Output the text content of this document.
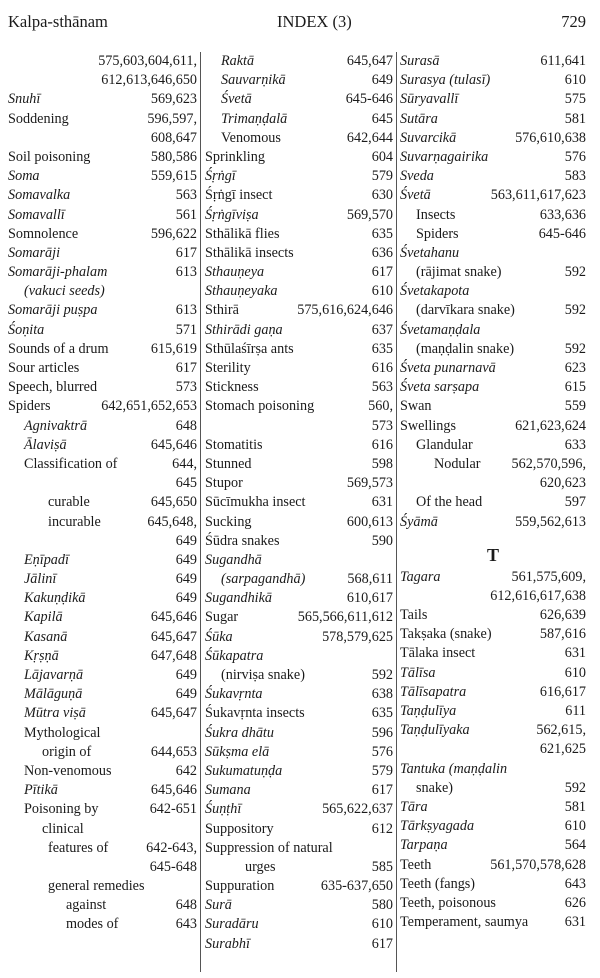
Kalpa-sthānam	INDEX (3)	729
575,603,604,611,
612,613,646,650
Snuhī	569,623
Soddening	596,597,
608,647
Soil poisoning	580,586
Soma	559,615
Somavalka	563
Somavallī	561
Somnolence	596,622
Somarāji	617
Somarāji-phalam	613
(vakuci seeds)
Somarāji puṣpa	613
Śoṇita	571
Sounds of a drum	615,619
Sour articles	617
Speech, blurred	573
Spiders	642,651,652,653
Agnivaktrā	648
Ālaviṣā	645,646
Classification of	644,
645
curable	645,650
incurable	645,648,
649
Eṇīpadī	649
Jālinī	649
Kakuṇḍikā	649
Kapilā	645,646
Kasanā	645,647
Kṛṣṇā	647,648
Lājavarṇā	649
Mālāguṇā	649
Mūtra viṣā	645,647
Mythological
origin of	644,653
Non-venomous	642
Pītikā	645,646
Poisoning by	642-651
clinical
features of	642-643,
645-648
general remedies
against	648
modes of	643
Raktā	645,647
Sauvarṇikā	649
Śvetā	645-646
Trimaṇḍalā	645
Venomous	642,644
Sprinkling	604
Śṛṅgī	579
Śṛṅgī insect	630
Śṛṅgīviṣa	569,570
Sthālikā flies	635
Sthālikā insects	636
Sthauṇeya	617
Sthauṇeyaka	610
Sthirā	575,616,624,646
Sthirādi gaṇa	637
Sthūlaśīrṣa ants	635
Sterility	616
Stickness	563
Stomach poisoning	560,
573
Stomatitis	616
Stunned	598
Stupor	569,573
Sūcīmukha insect	631
Sucking	600,613
Śūdra snakes	590
Sugandhā
(sarpagandhā)	568,611
Sugandhikā	610,617
Sugar	565,566,611,612
Śūka	578,579,625
Śūkapatra
(nirviṣa snake)	592
Śukavṛnta	638
Śukavṛnta insects	635
Śukra dhātu	596
Sūkṣma elā	576
Sukumatuṇḍa	579
Sumana	617
Śuṇṭhī	565,622,637
Suppository	612
Suppression of natural
urges	585
Suppuration	635-637,650
Surā	580
Suradāru	610
Surabhī	617
Surasā	611,641
Surasya (tulasī)	610
Sūryavallī	575
Sutāra	581
Suvarcikā	576,610,638
Suvarṇagairika	576
Sveda	583
Śvetā	563,611,617,623
Insects	633,636
Spiders	645-646
Śvetahanu
(rājimat snake)	592
Śvetakapota
(darvīkara snake)	592
Śvetamaṇḍala
(maṇḍalin snake)	592
Śveta punarnavā	623
Śveta sarṣapa	615
Swan	559
Swellings	621,623,624
Glandular	633
Nodular 562,570,596,
620,623
Of the head	597
Śyāmā	559,562,613
T
Tagara	561,575,609,
612,616,617,638
Tails	626,639
Takṣaka (snake)	587,616
Tālaka insect	631
Tālīsa	610
Tālīsapatra	616,617
Taṇḍulīya	611
Taṇḍulīyaka	562,615,
621,625
Tantuka (maṇḍalin
snake)	592
Tāra	581
Tārkṣyagada	610
Tarpaṇa	564
Teeth	561,570,578,628
Teeth (fangs)	643
Teeth, poisonous	626
Temperament, saumya	631
